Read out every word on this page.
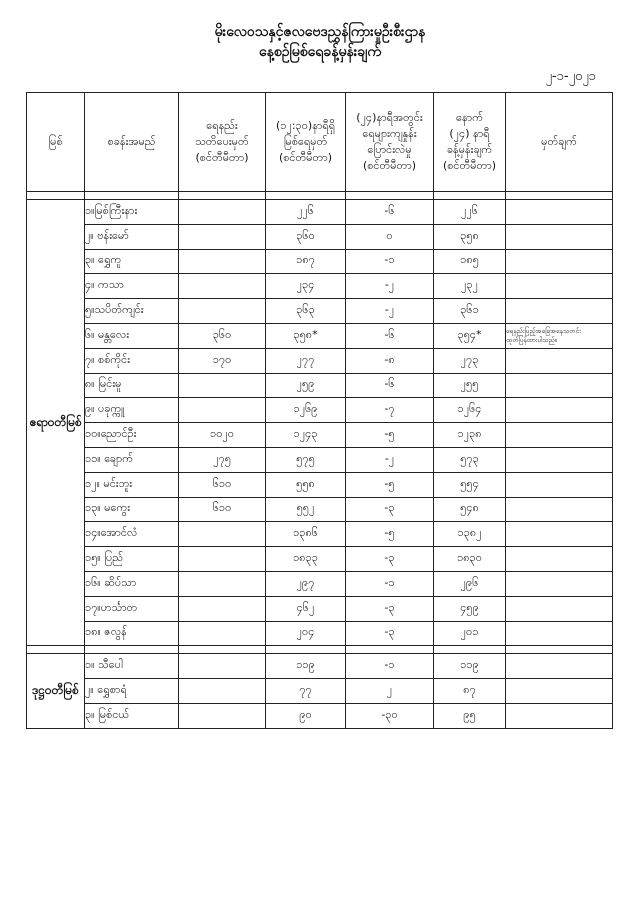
မိုးလေဝသနှင့်ဇလဗေဒညွှန်ကြားမှုဦးစီးဌာန
နေ့စဉ်မြစ်ရေခန့်မှန်းချက်
၂-၁-၂၀၂၁
မြစ်	စခန်းအမည်	ရေနည်း
သတိပေးမှတ်
(စင်တီမီတာ)	(၁၂:၃၀)နာရီရှိ
မြစ်ရေမှတ်
(စင်တီမီတာ)	(၂၄)နာရီအတွင်း
ရေများကျနှုန်း
ပြောင်းလဲမှု
(စင်တီမီတာ)	နောက်
(၂၄) နာရီ
ခန့်မှန်းချက်
(စင်တီမီတာ)	မှတ်ချက်

ဧရာဝတီမြစ်	၁။မြစ်ကြီးနား		၂၂၆	-၆	၂၂၆	
	၂။ ဗန်းမော်		၃၆၀	၀	၃၅၈	
	၃။ ရွှေကူ		၁၈၇	-၁	၁၈၅	
	၄။ ကသာ		၂၃၄	-၂	၂၃၂	
	၅။သပိတ်ကျင်း		၃၆၃	-၂	၃၆၁	
	၆။ မန္တလေး	၃၆၀	၃၅၈*	-၆	၃၅၄*	ရေနည်းပြည့်အခြေအနေသတင်း
ထုတ်ပြန်ထားပါသည်။

	၇။ စစ်ကိုင်း	၁၇၀	၂၇၇	-၈	၂၇၃	
	၈။ မြင်းမူ		၂၅၉	-၆	၂၅၅	
	၉။ ပခုက္ကူ		၁၂၆၉	-၇	၁၂၆၄	
	၁၀။ညောင်ဦး	၁၀၂၀	၁၂၄၃	-၅	၁၂၃၈	
	၁၁။ ချောက်	၂၇၅	၅၇၅	-၂	၅၇၃	
	၁၂။ မင်းဘူး	၆၁၀	၅၅၈	-၅	၅၅၄	
	၁၃။ မကွေး	၆၁၀	၅၅၂	-၃	၅၄၈	
	၁၄။အောင်လံ		၁၃၈၆	-၅	၁၃၈၂	
	၁၅။ ပြည်		၁၈၃၃	-၃	၁၈၃၀	
	၁၆။ ဆိပ်သာ		၂၉၇	-၁	၂၉၆	
	၁၇။ဟင်္သာတ		၄၆၂	-၃	၄၅၉	
	၁၈။ ဇလွန်		၂၀၄	-၃	၂၀၁	

ဒုဋ္ဌဝတီမြစ်	၁။ သီပေါ		၁၁၉	-၁	၁၁၉	
	၂။ ရွှေစာရံ		၇၇	၂	၈၇	
	၃။ မြစ်ငယ်		၉၀	-၃၀	၉၅	
